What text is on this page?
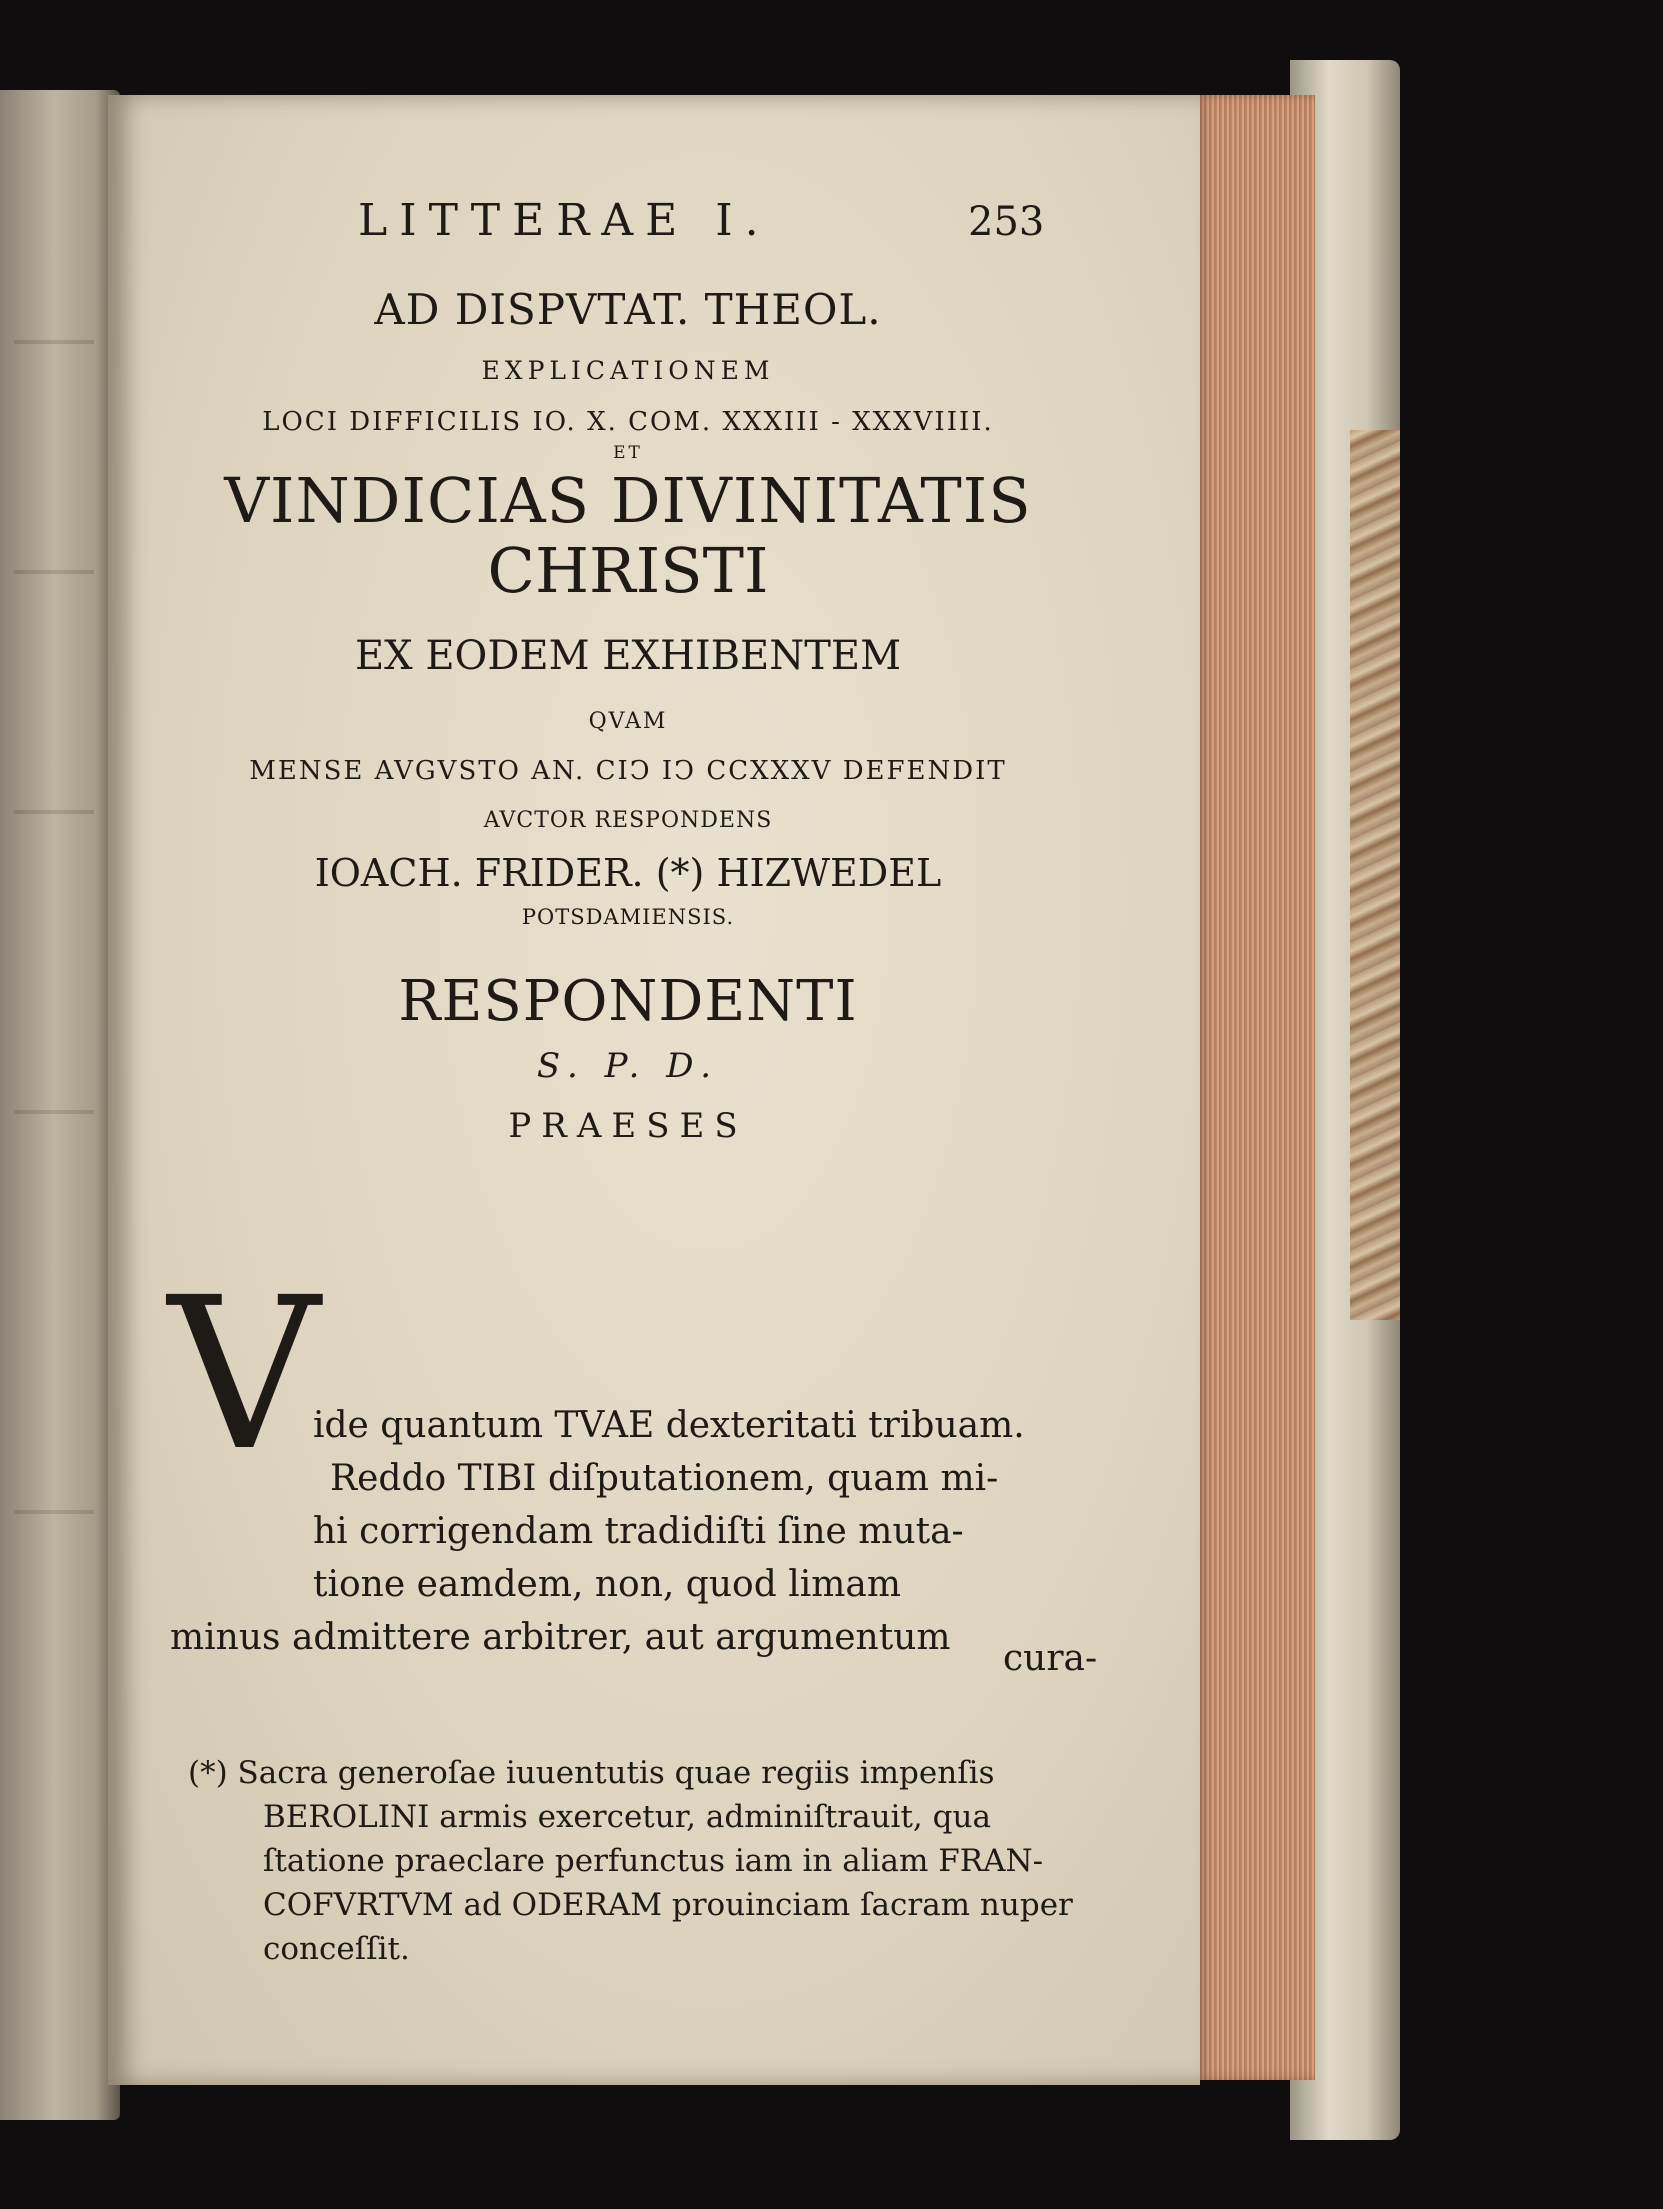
LITTERAE I.	253
AD DISPVTAT. THEOL.
EXPLICATIONEM
LOCI DIFFICILIS IO. X. COM. XXXIII - XXXVIIII.
ET
VINDICIAS DIVINITATIS
CHRISTI
EX EODEM EXHIBENTEM
QVAM
MENSE AVGVSTO AN. CIↃ IↃ CCXXXV DEFENDIT
AVCTOR RESPONDENS
IOACH. FRIDER. (*) HIZWEDEL
POTSDAMIENSIS.
RESPONDENTI
S. P. D.
PRAESES
V
ide quantum TVAE dexteritati tribuam.
Reddo TIBI diſputationem, quam mi-
hi corrigendam tradidiſti ſine muta-
tione eamdem, non, quod limam
minus admittere arbitrer, aut argumentum
cura-
(*) Sacra generoſae iuuentutis quae regiis impenſis
BEROLINI armis exercetur, adminiſtrauit, qua
ſtatione praeclare perfunctus iam in aliam FRAN-
COFVRTVM ad ODERAM prouinciam ſacram nuper
conceſſit.
